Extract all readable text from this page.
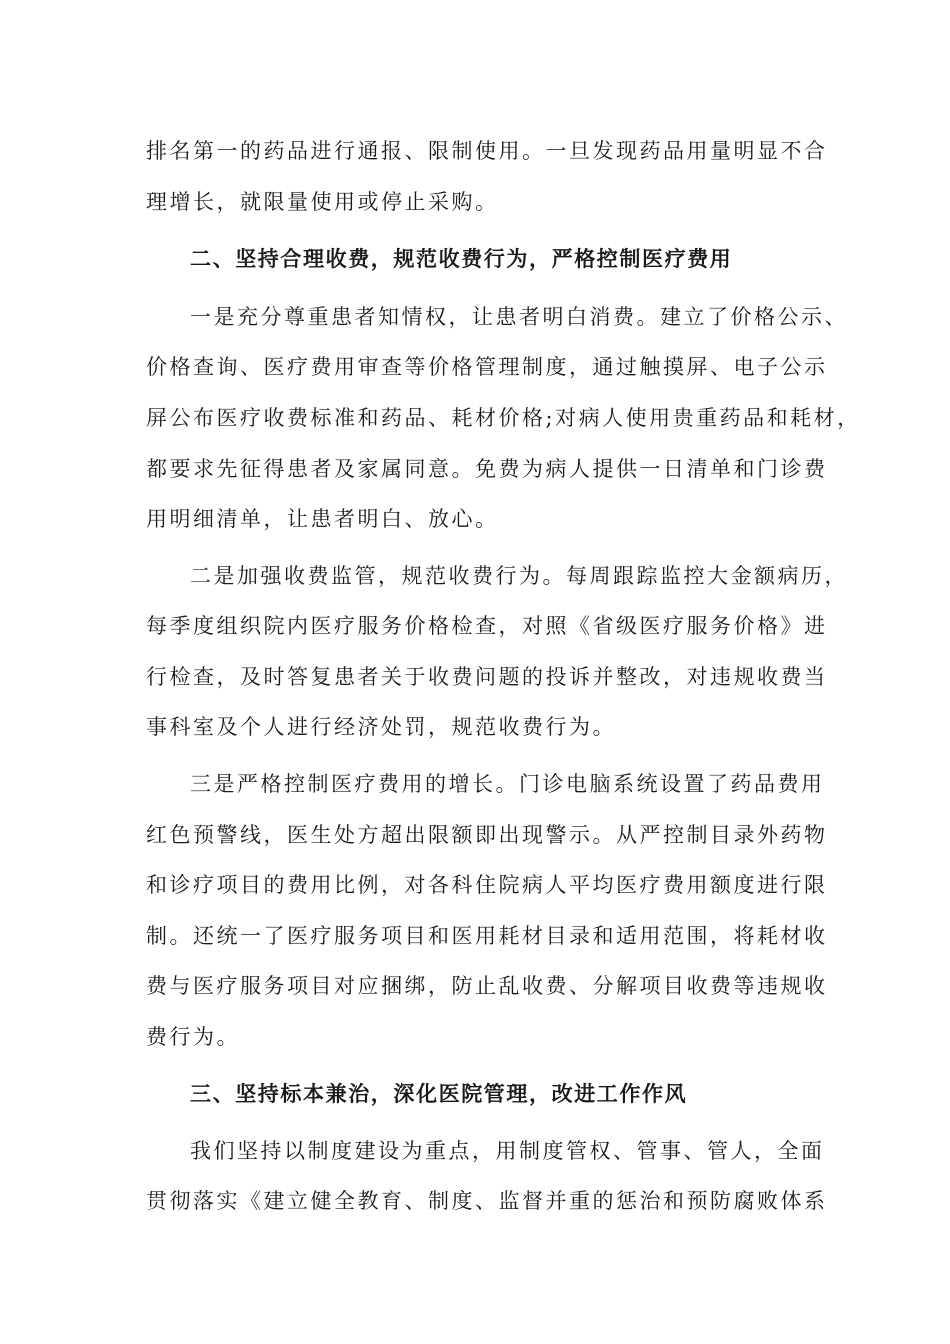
排名第一的药品进行通报、限制使用。一旦发现药品用量明显不合
理增长，就限量使用或停止采购。
二、坚持合理收费，规范收费行为，严格控制医疗费用
一是充分尊重患者知情权，让患者明白消费。建立了价格公示、
价格查询、医疗费用审查等价格管理制度，通过触摸屏、电子公示
屏公布医疗收费标准和药品、耗材价格;对病人使用贵重药品和耗材，
都要求先征得患者及家属同意。免费为病人提供一日清单和门诊费
用明细清单，让患者明白、放心。
二是加强收费监管，规范收费行为。每周跟踪监控大金额病历，
每季度组织院内医疗服务价格检查，对照《省级医疗服务价格》进
行检查，及时答复患者关于收费问题的投诉并整改，对违规收费当
事科室及个人进行经济处罚，规范收费行为。
三是严格控制医疗费用的增长。门诊电脑系统设置了药品费用
红色预警线，医生处方超出限额即出现警示。从严控制目录外药物
和诊疗项目的费用比例，对各科住院病人平均医疗费用额度进行限
制。还统一了医疗服务项目和医用耗材目录和适用范围，将耗材收
费与医疗服务项目对应捆绑，防止乱收费、分解项目收费等违规收
费行为。
三、坚持标本兼治，深化医院管理，改进工作作风
我们坚持以制度建设为重点，用制度管权、管事、管人，全面
贯彻落实《建立健全教育、制度、监督并重的惩治和预防腐败体系
